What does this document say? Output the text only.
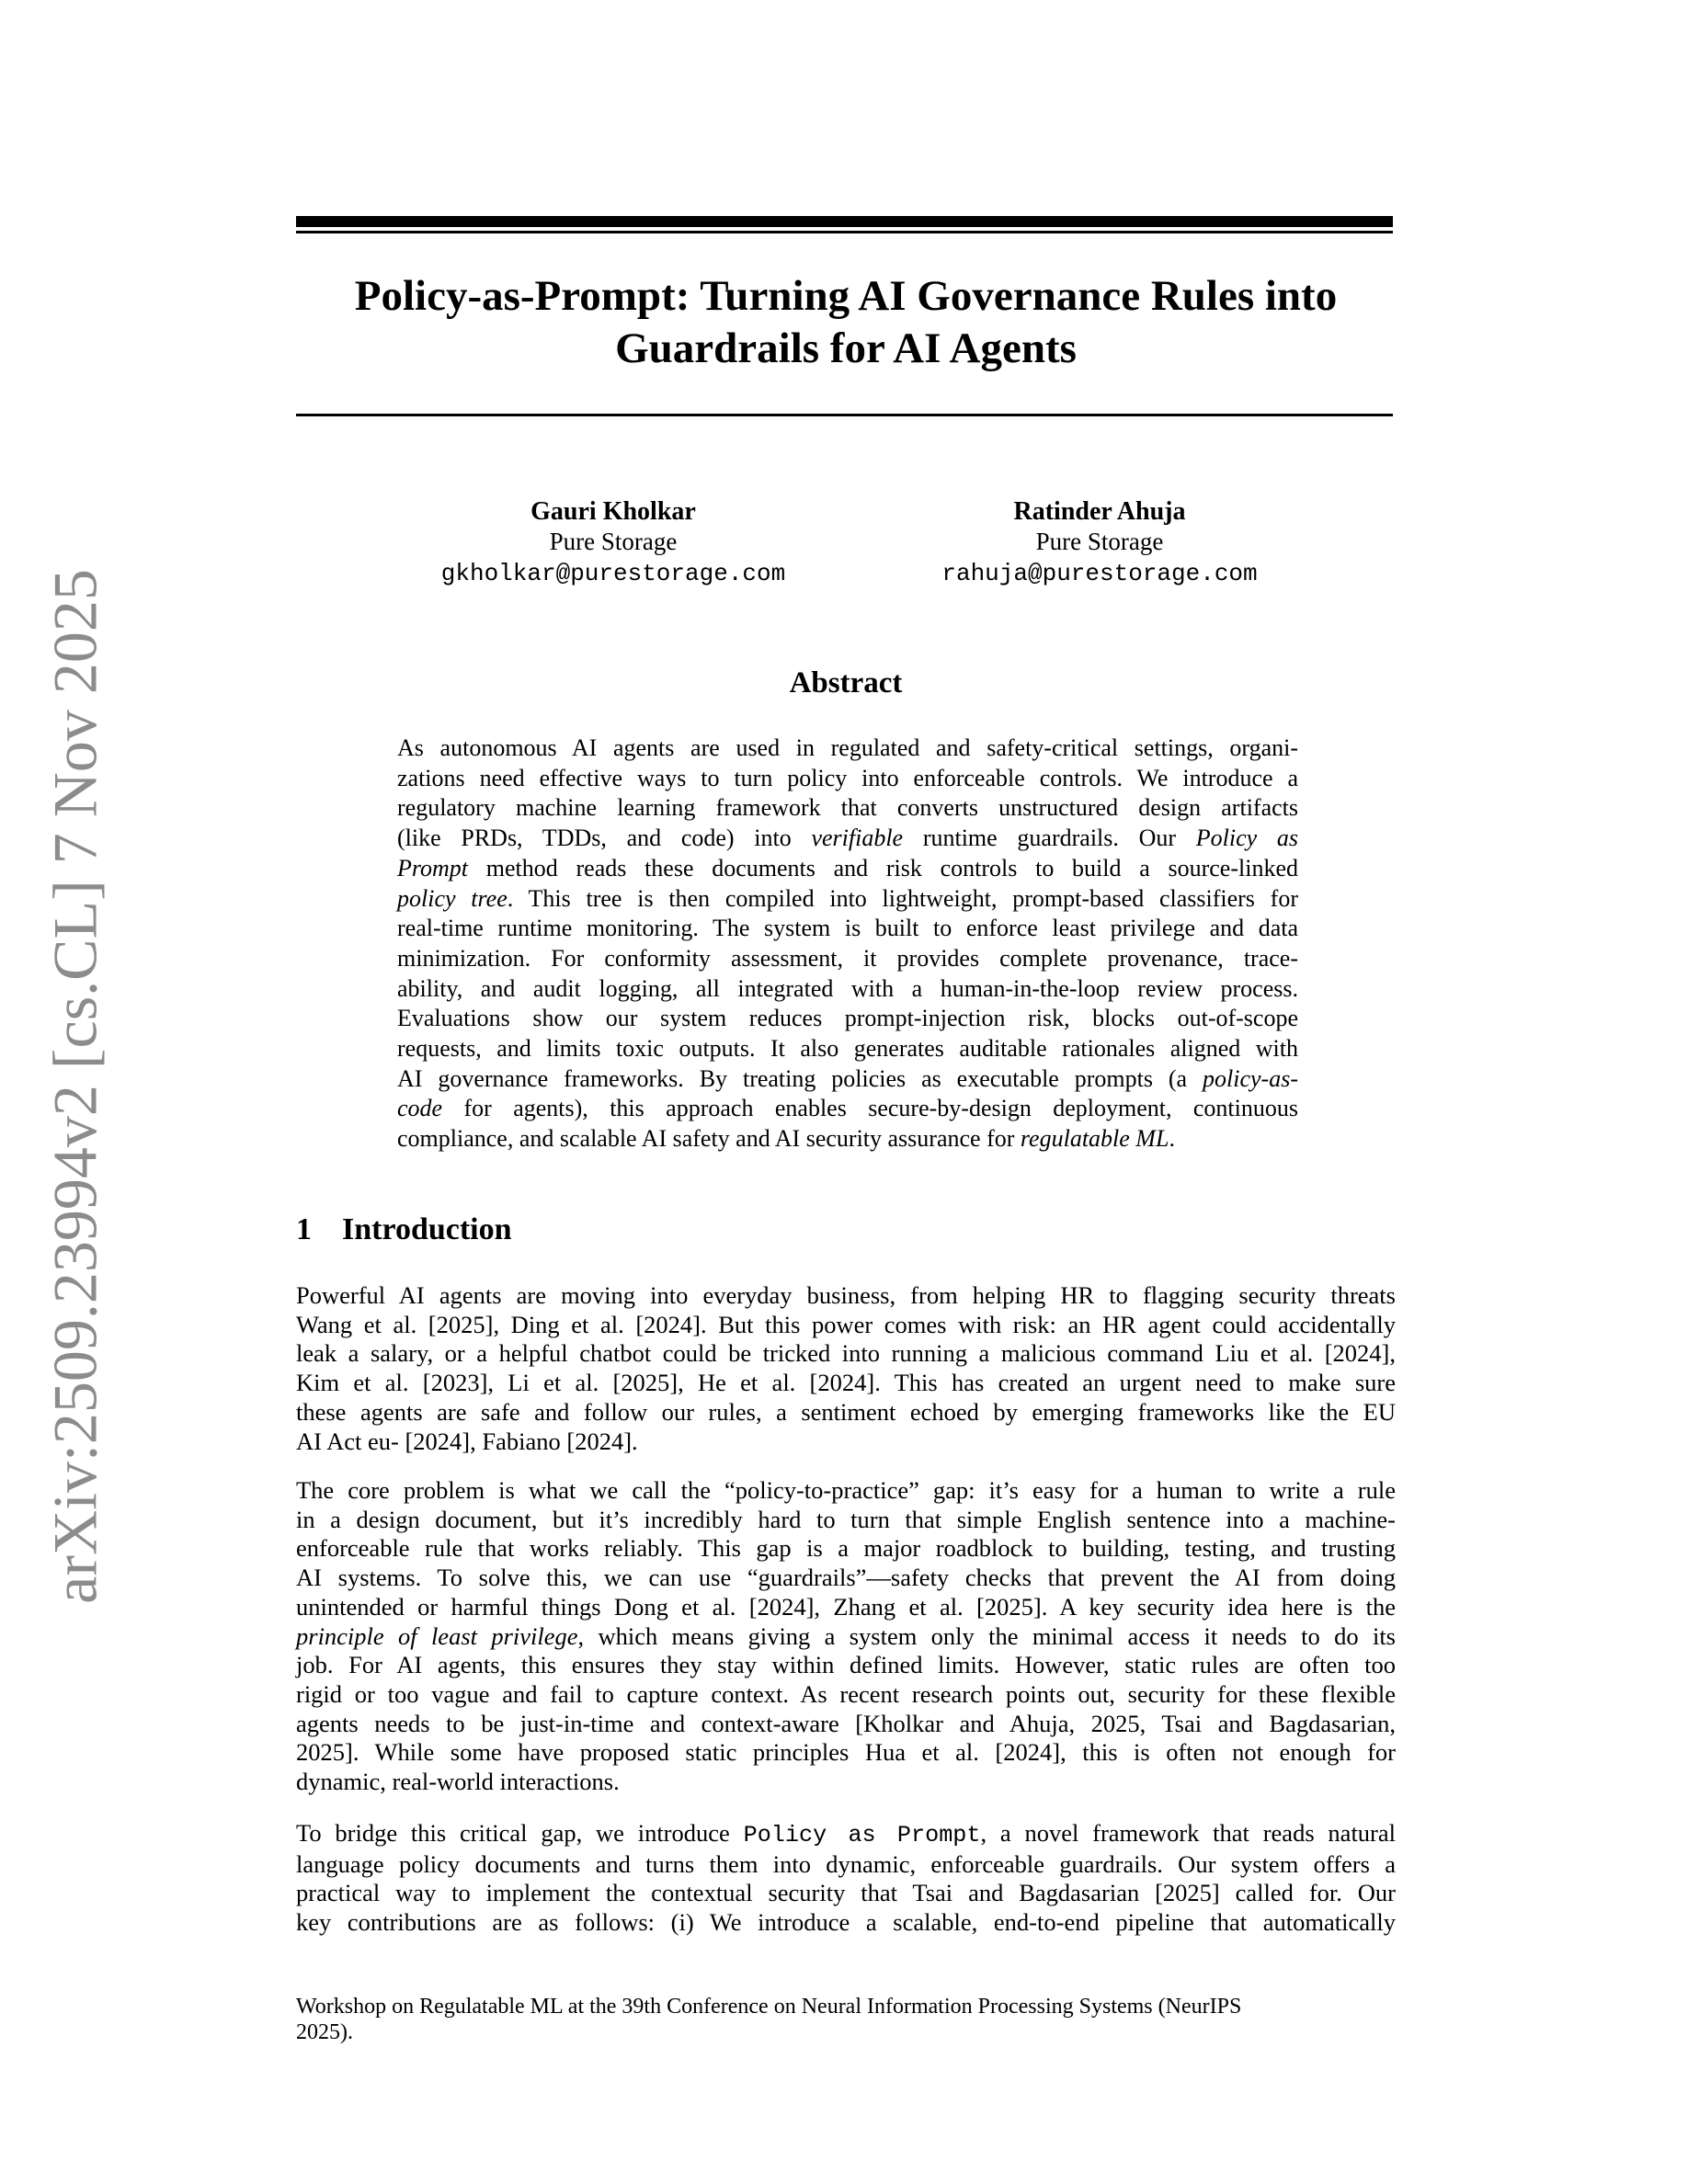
arXiv:2509.23994v2 [cs.CL] 7 Nov 2025
Policy-as-Prompt: Turning AI Governance Rules into
Guardrails for AI Agents
Gauri Kholkar
Pure Storage
gkholkar@purestorage.com
Ratinder Ahuja
Pure Storage
rahuja@purestorage.com
Abstract
As autonomous AI agents are used in regulated and safety-critical settings, organi-
zations need effective ways to turn policy into enforceable controls. We introduce a
regulatory machine learning framework that converts unstructured design artifacts
(like PRDs, TDDs, and code) into verifiable runtime guardrails. Our Policy as
Prompt method reads these documents and risk controls to build a source-linked
policy tree. This tree is then compiled into lightweight, prompt-based classifiers for
real-time runtime monitoring. The system is built to enforce least privilege and data
minimization. For conformity assessment, it provides complete provenance, trace-
ability, and audit logging, all integrated with a human-in-the-loop review process.
Evaluations show our system reduces prompt-injection risk, blocks out-of-scope
requests, and limits toxic outputs. It also generates auditable rationales aligned with
AI governance frameworks. By treating policies as executable prompts (a policy-as-
code for agents), this approach enables secure-by-design deployment, continuous
compliance, and scalable AI safety and AI security assurance for regulatable ML.
1 Introduction
Powerful AI agents are moving into everyday business, from helping HR to flagging security threats
Wang et al. [2025], Ding et al. [2024]. But this power comes with risk: an HR agent could accidentally
leak a salary, or a helpful chatbot could be tricked into running a malicious command Liu et al. [2024],
Kim et al. [2023], Li et al. [2025], He et al. [2024]. This has created an urgent need to make sure
these agents are safe and follow our rules, a sentiment echoed by emerging frameworks like the EU
AI Act eu- [2024], Fabiano [2024].
The core problem is what we call the “policy-to-practice” gap: it’s easy for a human to write a rule
in a design document, but it’s incredibly hard to turn that simple English sentence into a machine-
enforceable rule that works reliably. This gap is a major roadblock to building, testing, and trusting
AI systems. To solve this, we can use “guardrails”—safety checks that prevent the AI from doing
unintended or harmful things Dong et al. [2024], Zhang et al. [2025]. A key security idea here is the
principle of least privilege, which means giving a system only the minimal access it needs to do its
job. For AI agents, this ensures they stay within defined limits. However, static rules are often too
rigid or too vague and fail to capture context. As recent research points out, security for these flexible
agents needs to be just-in-time and context-aware [Kholkar and Ahuja, 2025, Tsai and Bagdasarian,
2025]. While some have proposed static principles Hua et al. [2024], this is often not enough for
dynamic, real-world interactions.
To bridge this critical gap, we introduce Policy as Prompt, a novel framework that reads natural
language policy documents and turns them into dynamic, enforceable guardrails. Our system offers a
practical way to implement the contextual security that Tsai and Bagdasarian [2025] called for. Our
key contributions are as follows: (i) We introduce a scalable, end-to-end pipeline that automatically
Workshop on Regulatable ML at the 39th Conference on Neural Information Processing Systems (NeurIPS
2025).
